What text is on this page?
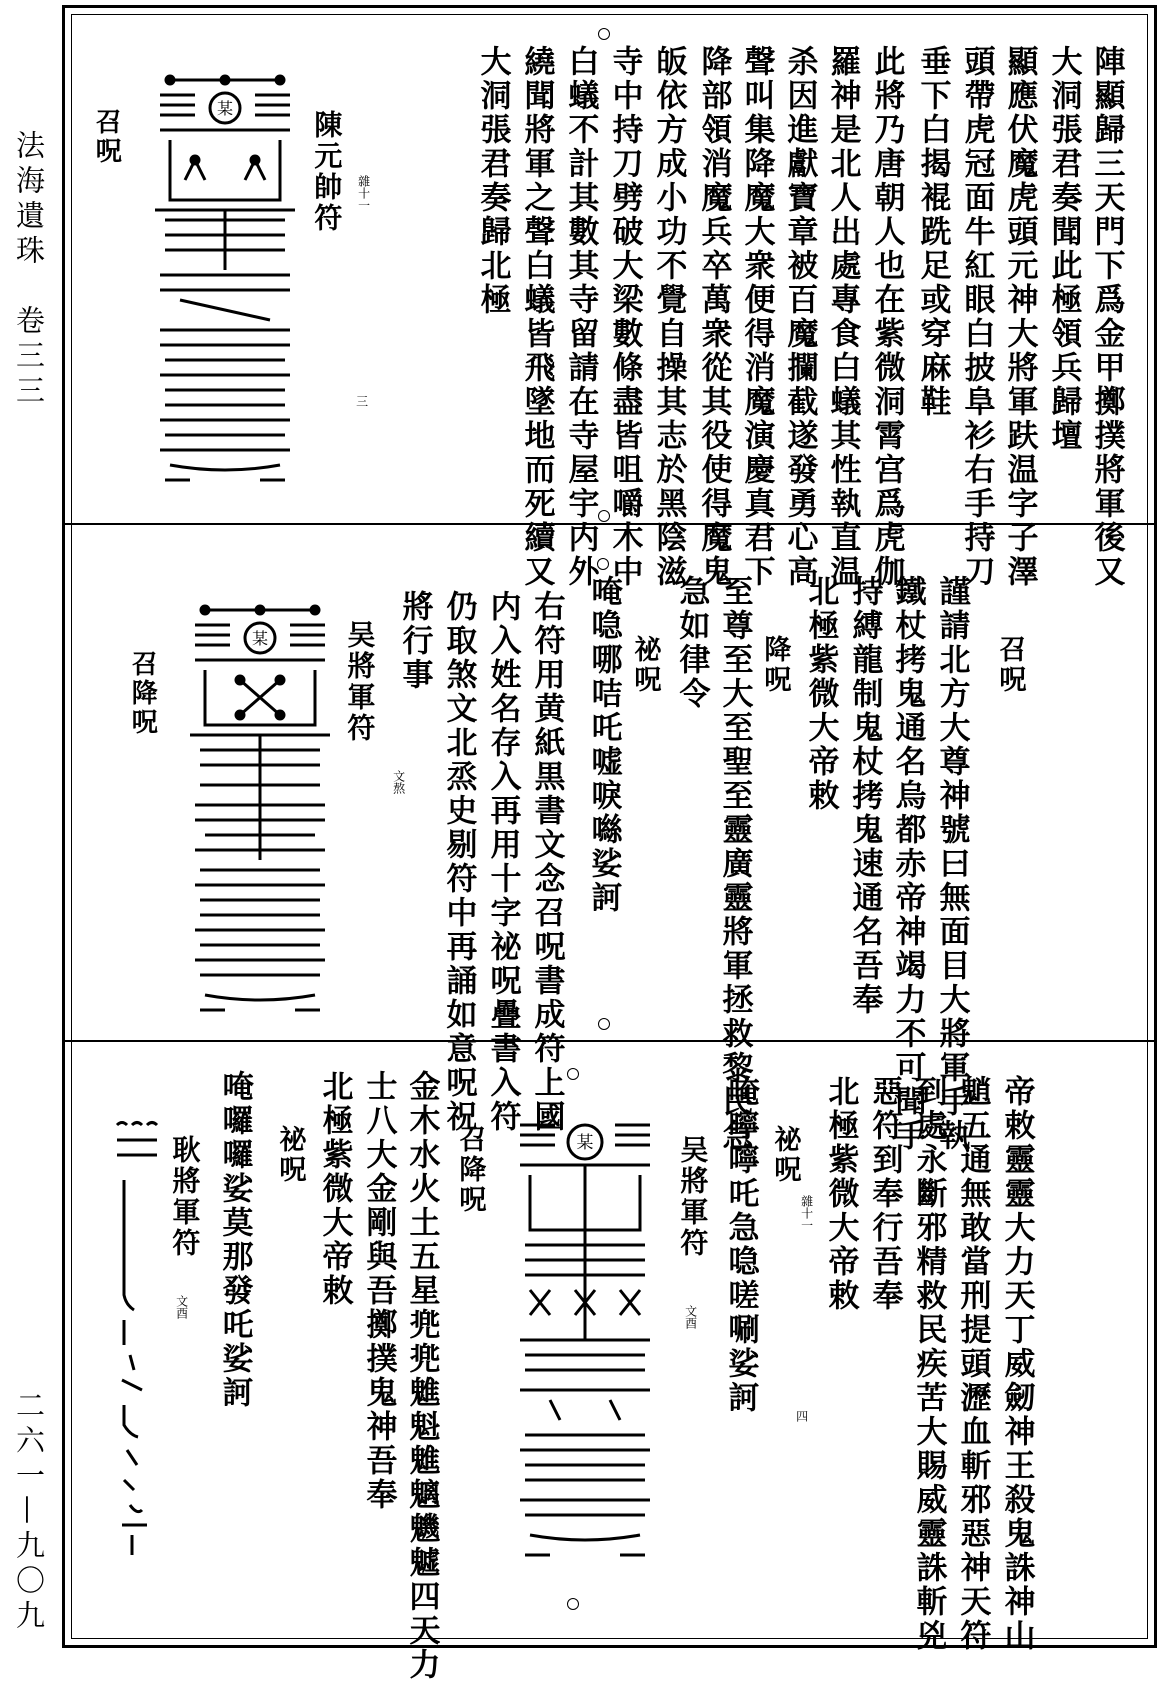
法海遺珠　卷三三
二六一—九〇九
陣顯歸三天門下爲金甲擲撲將軍後又
大洞張君奏聞此極領兵歸壇
顯應伏魔虎頭元神大將軍趺温字子澤
頭帶虎冠面牛紅眼白披阜衫右手持刀
垂下白揭裩跣足或穿麻鞋
此將乃唐朝人也在紫微洞霄宫爲虎伽
羅神是北人出處專食白蟻其性執直温
杀因進獻寶章被百魔攔截遂發勇心高
聲叫集降魔大衆便得消魔演慶真君下
降部領消魔兵卒萬衆從其役使得魔鬼
皈依方成小功不覺自操其志於黑陰滋
寺中持刀劈破大梁數條盡皆咀嚼木中
白蟻不計其數其寺留請在寺屋宇内外
繞聞將軍之聲白蟻皆飛墜地而死續又
大洞張君奏歸北極
陳元帥符 雜十一
三
召呪	某
召呪
謹請北方大尊神號曰無面目大將軍手執
鐵杖拷鬼通名烏都赤帝神竭力不可聞手
持縛龍制鬼杖拷鬼速通名吾奉
北極紫微大帝敕
降呪
至尊至大至聖至靈廣靈將軍拯救黎民急
急如律令
祕呪
唵喼哪咭吒嘘唳噝娑訶
右符用黄紙黒書文念召呪書成符上國
内入姓名存入再用十字祕呪疊書入符
仍取煞文北烝史剔符中再誦如意呪祝
將行事
吴將軍符
文熬
召降呪
某
帝敕靈靈大力天丁威劒神王殺鬼誅神山
魈五通無敢當刑提頭瀝血斬邪惡神天符
到處永斷邪精救民疾苦大賜威靈誅斬兇
惡符到奉行吾奉
北極紫微大帝敕
祕呪
唵嚀嚀吒急喼嗟唰娑訶
吴將軍符
文酉
雜十一
四
某
召降呪
金木水火土五星兠兠魋魁魋魑魕魖四天力
士八大金剛與吾擲撲鬼神吾奉
北極紫微大帝敕
祕呪
唵囉囉娑莫那發吒娑訶
耿將軍符
文酉
